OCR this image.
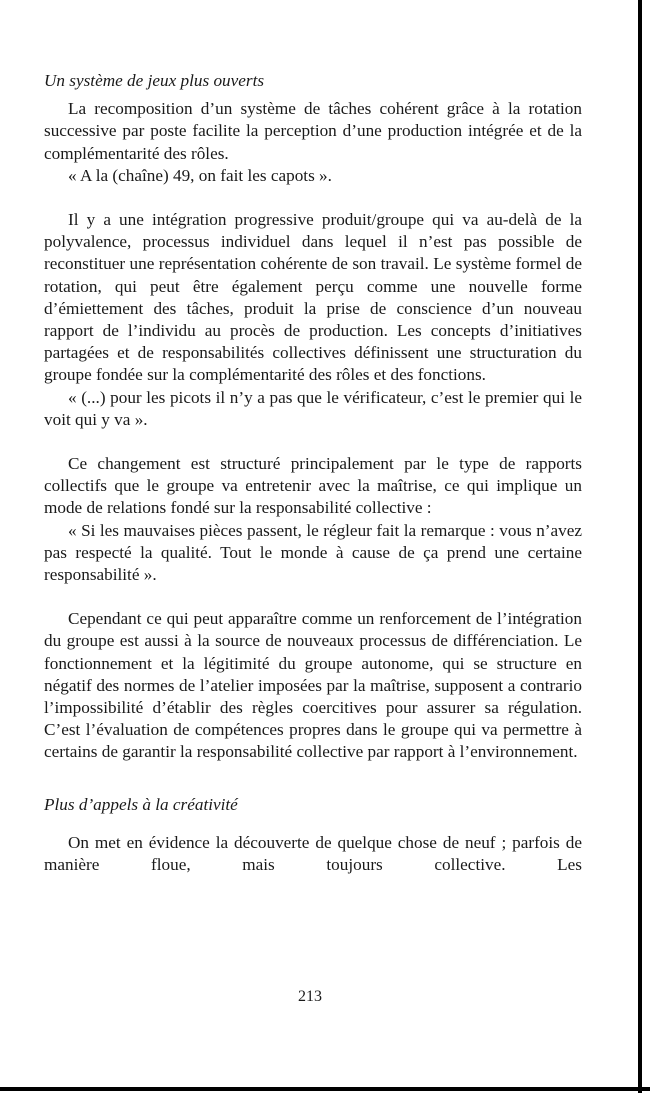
Un système de jeux plus ouverts

La recomposition d’un système de tâches cohérent grâce à la rotation successive par poste facilite la perception d’une production intégrée et de la complémentarité des rôles.

« A la (chaîne) 49, on fait les capots ».

Il y a une intégration progressive produit/groupe qui va au-delà de la polyvalence, processus individuel dans lequel il n’est pas possible de reconstituer une représentation cohérente de son travail. Le système formel de rotation, qui peut être également perçu comme une nouvelle forme d’émiettement des tâches, produit la prise de conscience d’un nouveau rapport de l’individu au procès de production. Les concepts d’initiatives partagées et de responsabilités collectives définissent une structuration du groupe fondée sur la complémentarité des rôles et des fonctions.

« (...) pour les picots il n’y a pas que le vérificateur, c’est le premier qui le voit qui y va ».

Ce changement est structuré principalement par le type de rapports collectifs que le groupe va entretenir avec la maîtrise, ce qui implique un mode de relations fondé sur la responsabilité collective :

« Si les mauvaises pièces passent, le régleur fait la remarque : vous n’avez pas respecté la qualité. Tout le monde à cause de ça prend une certaine responsabilité ».

Cependant ce qui peut apparaître comme un renforcement de l’intégration du groupe est aussi à la source de nouveaux processus de différenciation. Le fonctionnement et la légitimité du groupe autonome, qui se structure en négatif des normes de l’atelier imposées par la maîtrise, supposent a contrario l’impossibilité d’établir des règles coercitives pour assurer sa régulation. C’est l’évaluation de compétences propres dans le groupe qui va permettre à certains de garantir la responsabilité collective par rapport à l’environnement.

Plus d’appels à la créativité

On met en évidence la découverte de quelque chose de neuf ; parfois de manière floue, mais toujours collective. Les

213
